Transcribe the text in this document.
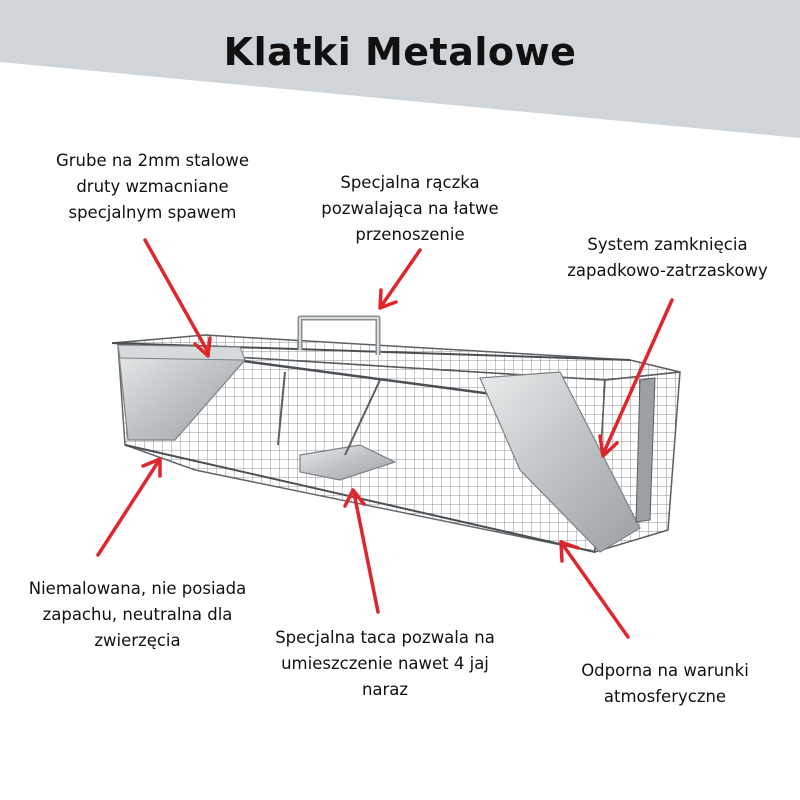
Klatki Metalowe
Grube na 2mm stalowe
druty wzmacniane
specjalnym spawem
Specjalna rączka
pozwalająca na łatwe
przenoszenie
System zamknięcia
zapadkowo-zatrzaskowy
Niemalowana, nie posiada
zapachu, neutralna dla
zwierzęcia	Specjalna taca pozwala na
umieszczenie nawet 4 jaj
naraz
Odporna na warunki
atmosferyczne
